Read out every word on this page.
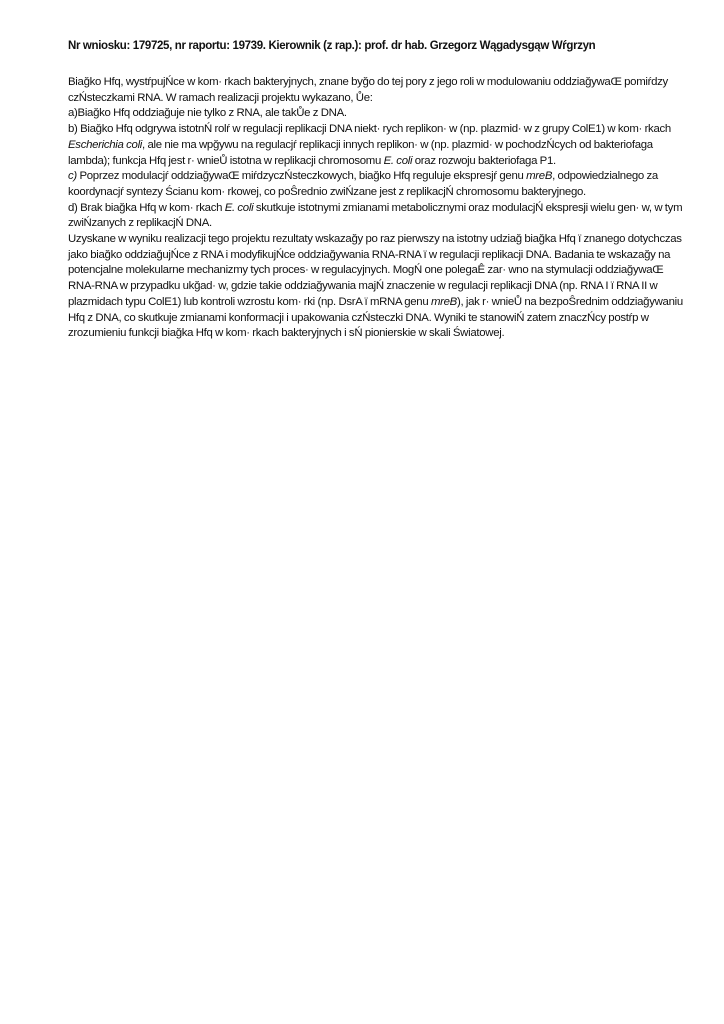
Nr wniosku: 179725, nr raportu: 19739. Kierownik (z rap.): prof. dr hab. Grzegorz Wągadysgąw Wŕgrzyn

Biağko Hfq, wystŕpujŃce w kom· rkach bakteryjnych, znane byğo do tej pory z jego roli w modulowaniu oddziağywaŒ pomiŕdzy czŃsteczkami RNA. W ramach realizacji projektu wykazano, Ůe:

a)Biağko Hfq oddziağuje nie tylko z RNA, ale takŮe z DNA.

b) Biağko Hfq odgrywa istotnŃ rolŕ w regulacji replikacji DNA niekt· rych replikon· w (np. plazmid· w z grupy ColE1) w kom· rkach Escherichia coli, ale nie ma wpğywu na regulacjŕ replikacji innych replikon· w (np. plazmid· w pochodzŃcych od bakteriofaga lambda); funkcja Hfq jest r· wnieŮ istotna w replikacji chromosomu E. coli oraz rozwoju bakteriofaga P1.

c) Poprzez modulacjŕ oddziağywaŒ miŕdzyczŃsteczkowych, biağko Hfq reguluje ekspresjŕ genu mreB, odpowiedzialnego za koordynacjŕ syntezy Ścianu kom· rkowej, co poŜrednio zwiŃzane jest z replikacjŃ chromosomu bakteryjnego.

d) Brak biağka Hfq w kom· rkach E. coli skutkuje istotnymi zmianami metabolicznymi oraz modulacjŃ ekspresji wielu gen· w, w tym zwiŃzanych z replikacjŃ DNA.

Uzyskane w wyniku realizacji tego projektu rezultaty wskazağy po raz pierwszy na istotny udziağ biağka Hfq ï znanego dotychczas jako biağko oddziağujŃce z RNA i modyfikujŃce oddziağywania RNA-RNA ï w regulacji replikacji DNA. Badania te wskazağy na potencjalne molekularne mechanizmy tych proces· w regulacyjnych. MogŃ one polegaÊ zar· wno na stymulacji oddziağywaŒ RNA-RNA w przypadku ukğad· w, gdzie takie oddziağywania majŃ znaczenie w regulacji replikacji DNA (np. RNA I ï RNA II w plazmidach typu ColE1) lub kontroli wzrostu kom· rki (np. DsrA ï mRNA genu mreB), jak r· wnieŮ na bezpoŜrednim oddziağywaniu Hfq z DNA, co skutkuje zmianami konformacji i upakowania czŃsteczki DNA. Wyniki te stanowiŃ zatem znaczŃcy postŕp w zrozumieniu funkcji biağka Hfq w kom· rkach bakteryjnych i sŃ pionierskie w skali Światowej.
